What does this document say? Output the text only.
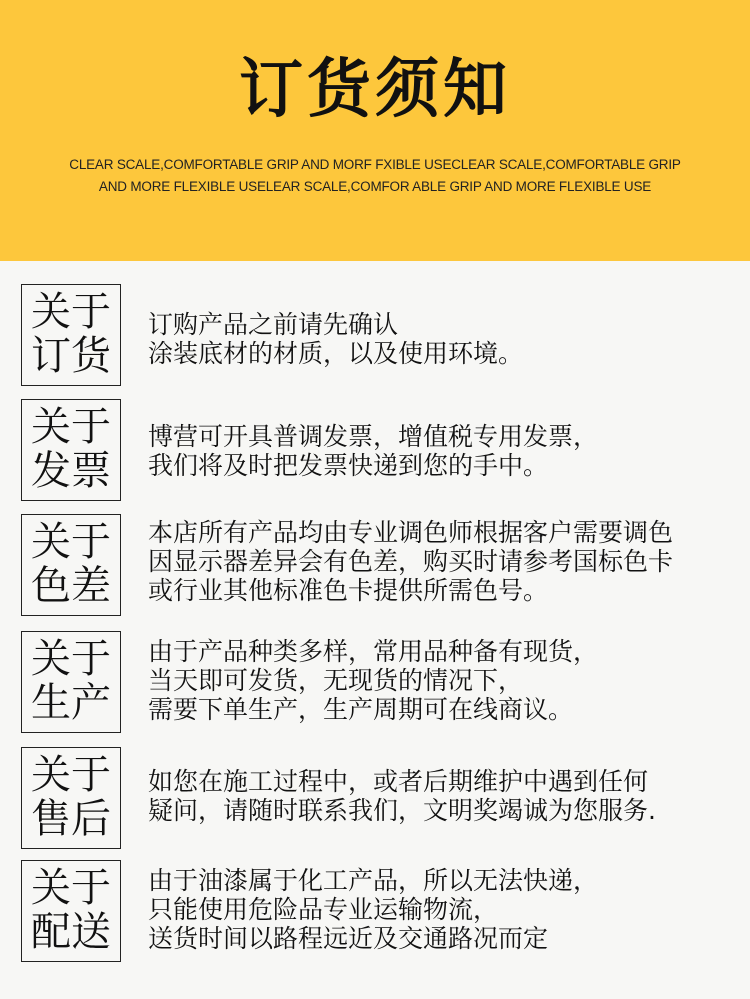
订货须知
CLEAR SCALE,COMFORTABLE GRIP AND MORF FXIBLE USECLEAR SCALE,COMFORTABLE GRIP
AND MORE FLEXIBLE USELEAR SCALE,COMFOR ABLE GRIP AND MORE FLEXIBLE USE
关于
订货
订购产品之前请先确认
涂装底材的材质，以及使用环境。
关于
发票
博营可开具普调发票，增值税专用发票，
我们将及时把发票快递到您的手中。
关于
色差
本店所有产品均由专业调色师根据客户需要调色
因显示器差异会有色差，购买时请参考国标色卡
或行业其他标准色卡提供所需色号。
关于
生产
由于产品种类多样，常用品种备有现货，
当天即可发货，无现货的情况下，
需要下单生产，生产周期可在线商议。
关于
售后
如您在施工过程中，或者后期维护中遇到任何
疑问，请随时联系我们，文明奖竭诚为您服务.
关于
配送
由于油漆属于化工产品，所以无法快递，
只能使用危险品专业运输物流，
送货时间以路程远近及交通路况而定
